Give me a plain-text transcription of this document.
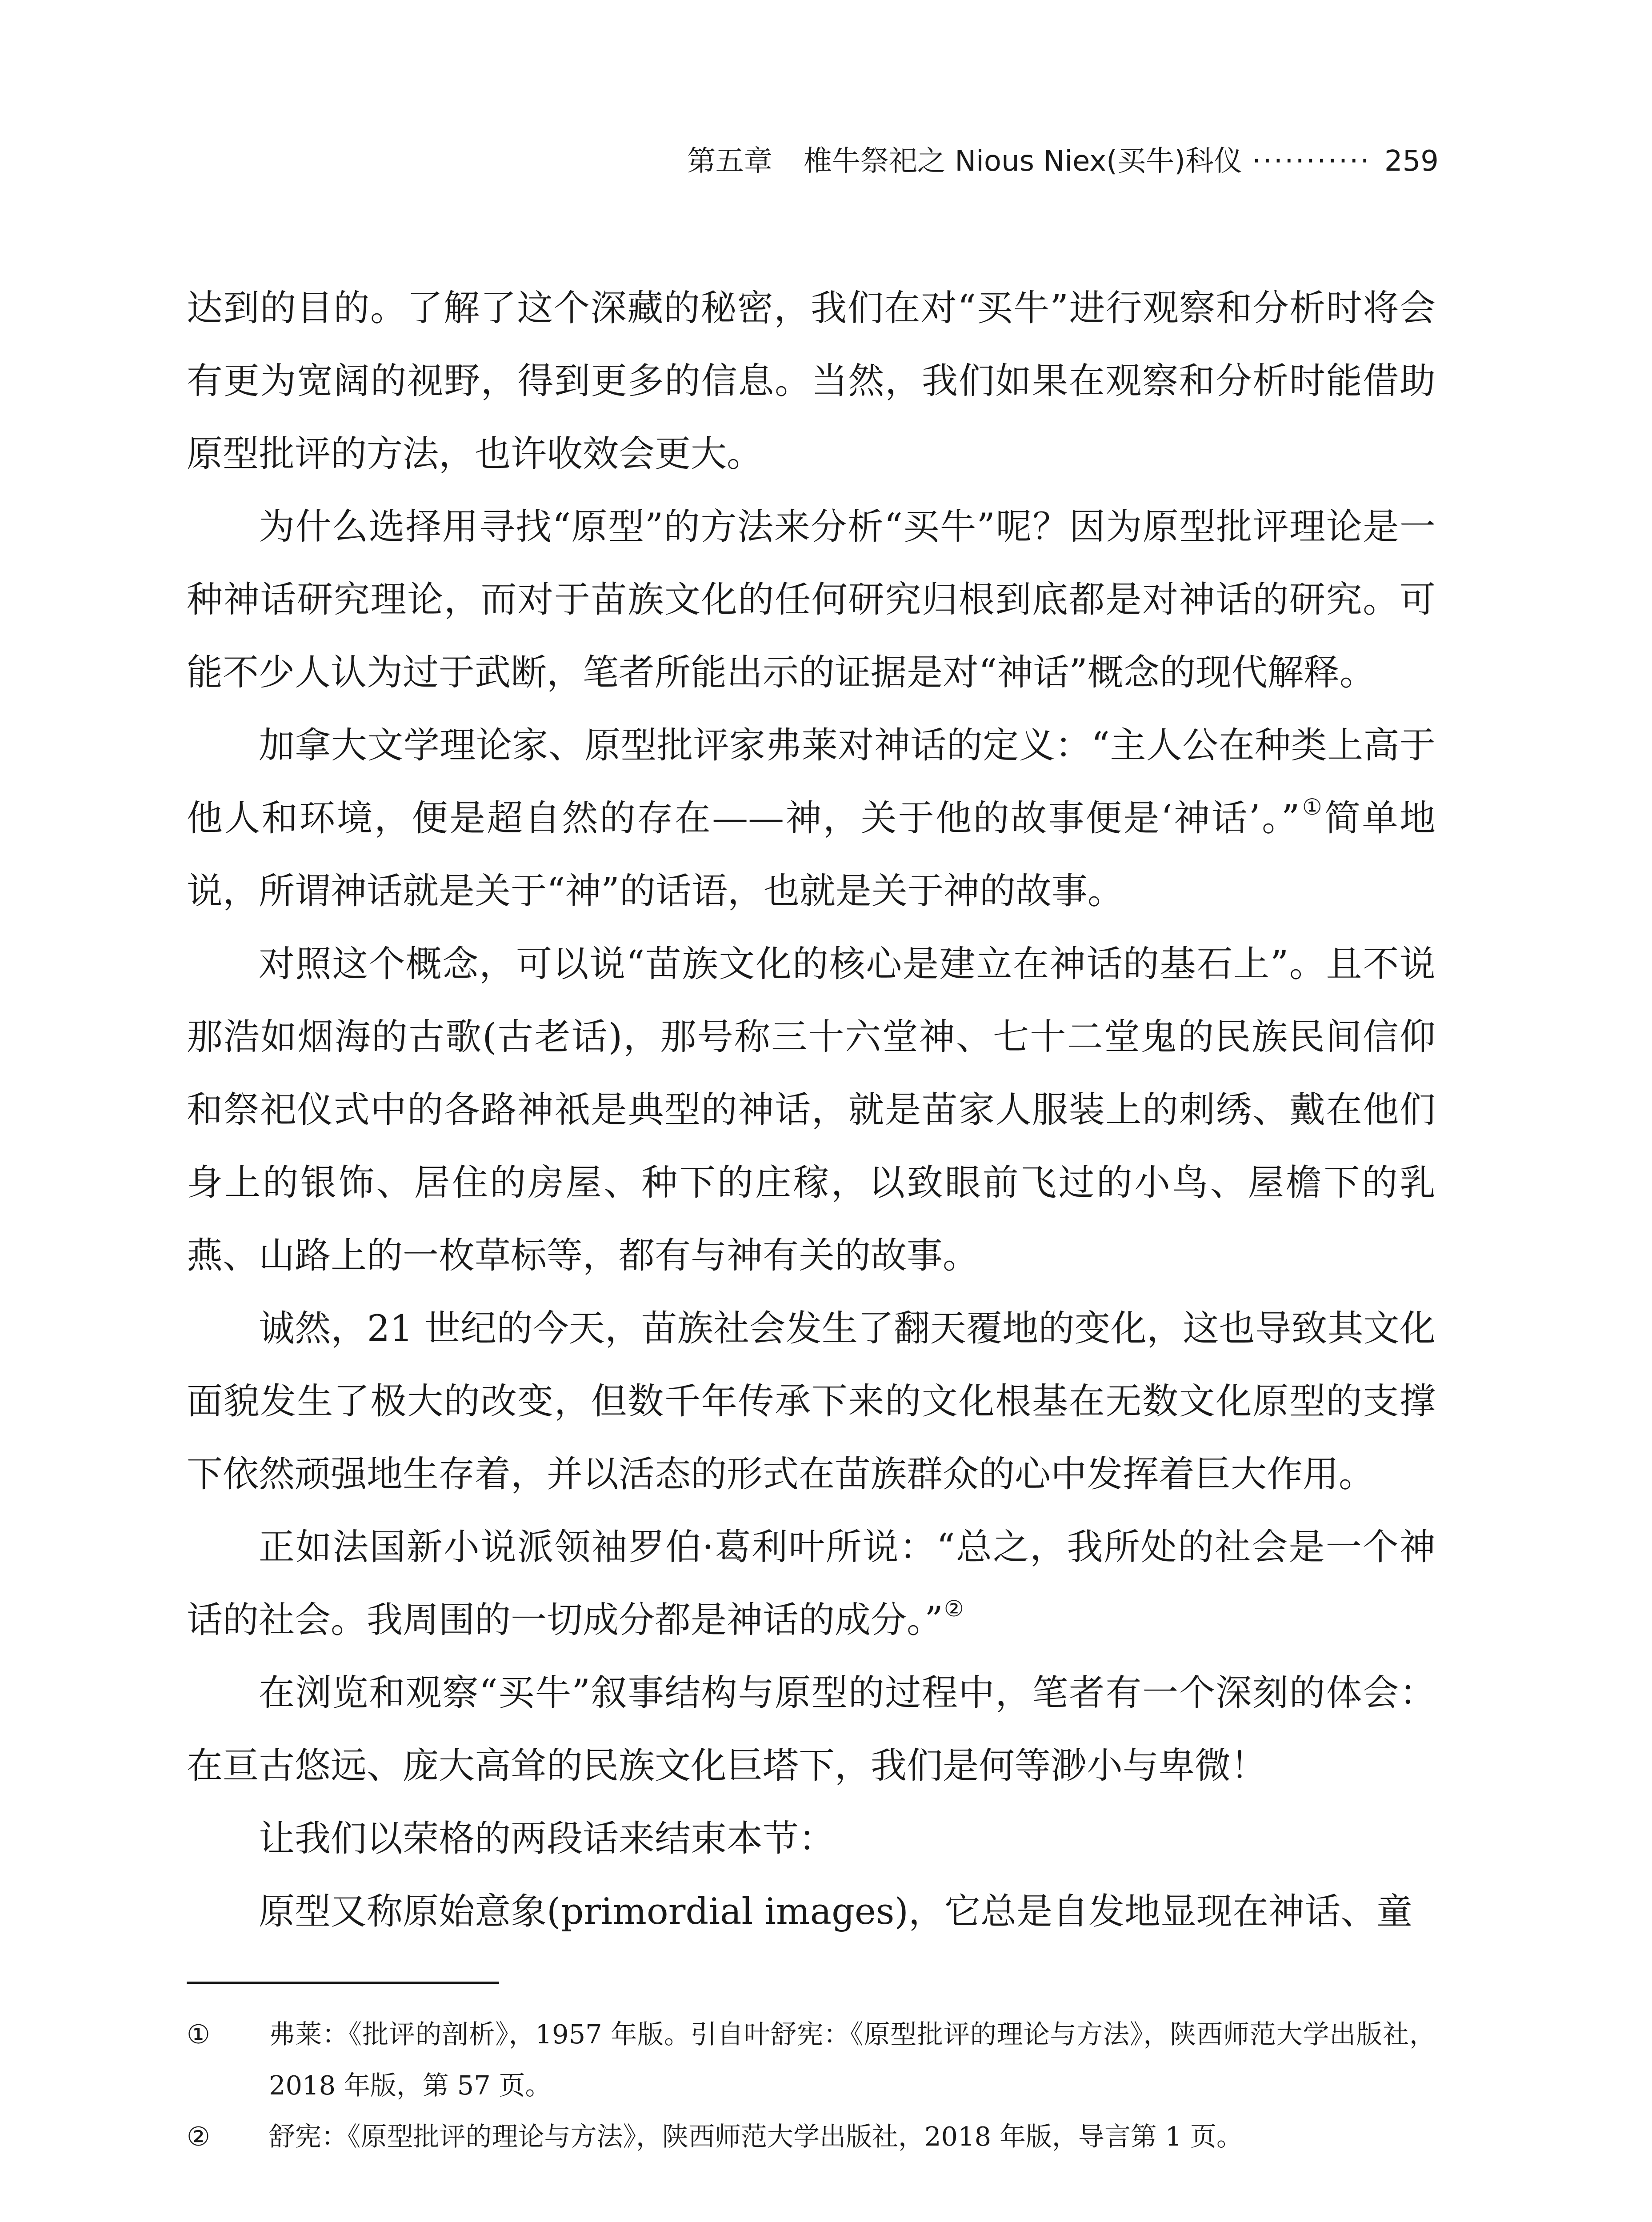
第五章 椎牛祭祀之 Nious Niex(买牛)科仪 ··········· 259

达到的目的。了解了这个深藏的秘密，我们在对“买牛”进行观察和分析时将会有更为宽阔的视野，得到更多的信息。当然，我们如果在观察和分析时能借助原型批评的方法，也许收效会更大。

为什么选择用寻找“原型”的方法来分析“买牛”呢？因为原型批评理论是一种神话研究理论，而对于苗族文化的任何研究归根到底都是对神话的研究。可能不少人认为过于武断，笔者所能出示的证据是对“神话”概念的现代解释。

加拿大文学理论家、原型批评家弗莱对神话的定义：“主人公在种类上高于他人和环境，便是超自然的存在——神，关于他的故事便是‘神话’。”①简单地说，所谓神话就是关于“神”的话语，也就是关于神的故事。

对照这个概念，可以说“苗族文化的核心是建立在神话的基石上”。且不说那浩如烟海的古歌(古老话)，那号称三十六堂神、七十二堂鬼的民族民间信仰和祭祀仪式中的各路神祇是典型的神话，就是苗家人服装上的刺绣、戴在他们身上的银饰、居住的房屋、种下的庄稼，以致眼前飞过的小鸟、屋檐下的乳燕、山路上的一枚草标等，都有与神有关的故事。

诚然，21 世纪的今天，苗族社会发生了翻天覆地的变化，这也导致其文化面貌发生了极大的改变，但数千年传承下来的文化根基在无数文化原型的支撑下依然顽强地生存着，并以活态的形式在苗族群众的心中发挥着巨大作用。

正如法国新小说派领袖罗伯·葛利叶所说：“总之，我所处的社会是一个神话的社会。我周围的一切成分都是神话的成分。”②

在浏览和观察“买牛”叙事结构与原型的过程中，笔者有一个深刻的体会：在亘古悠远、庞大高耸的民族文化巨塔下，我们是何等渺小与卑微！

让我们以荣格的两段话来结束本节：

原型又称原始意象(primordial images)，它总是自发地显现在神话、童

① 弗莱：《批评的剖析》，1957 年版。引自叶舒宪：《原型批评的理论与方法》，陕西师范大学出版社，2018 年版，第 57 页。
② 舒宪：《原型批评的理论与方法》，陕西师范大学出版社，2018 年版，导言第 1 页。
